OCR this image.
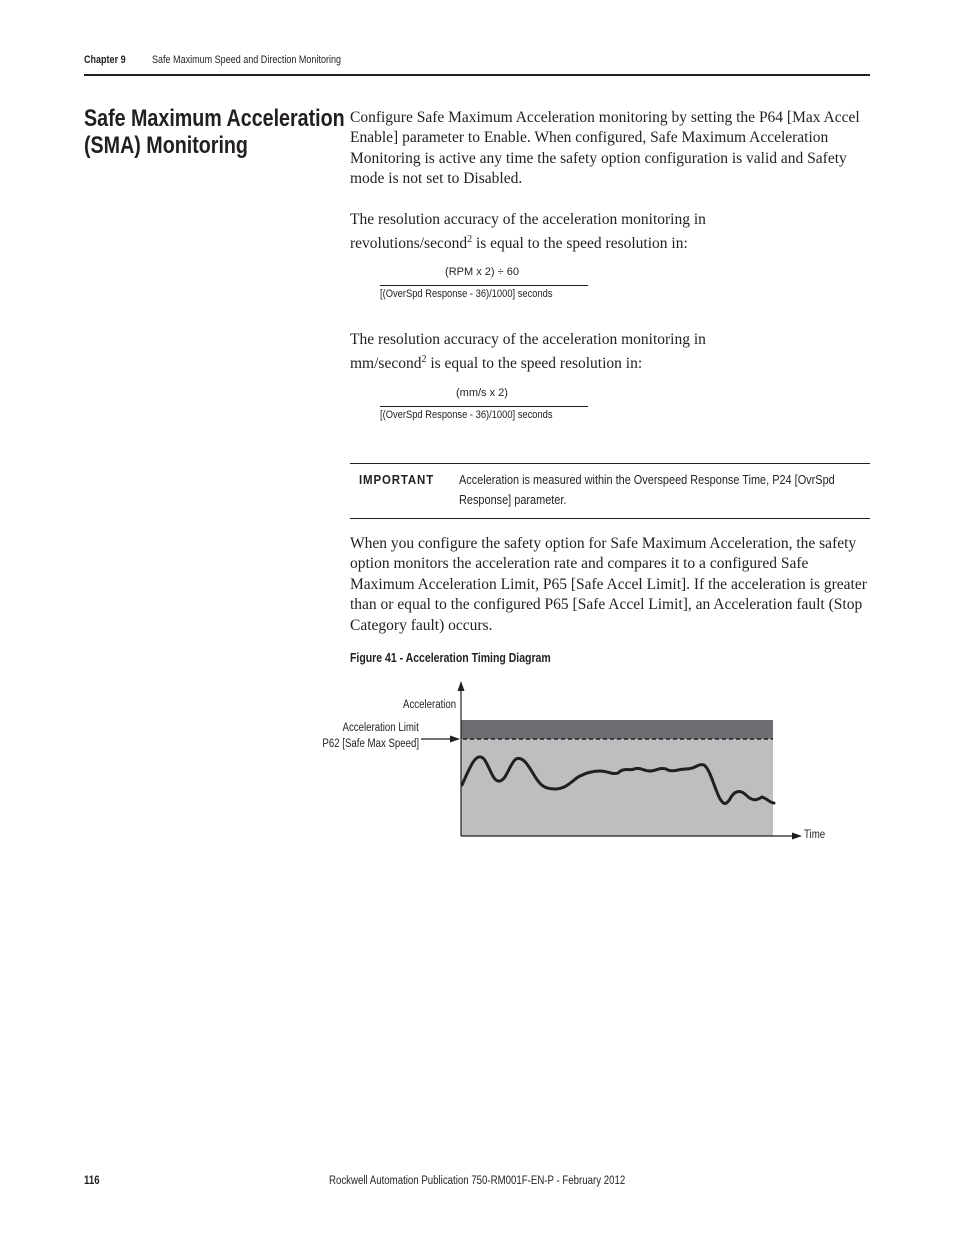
Chapter 9 Safe Maximum Speed and Direction Monitoring
Safe Maximum Acceleration
(SMA) Monitoring
Configure Safe Maximum Acceleration monitoring by setting the P64 [Max Accel Enable] parameter to Enable. When configured, Safe Maximum Acceleration Monitoring is active any time the safety option configuration is valid and Safety mode is not set to Disabled.
The resolution accuracy of the acceleration monitoring in revolutions/second$^2$ is equal to the speed resolution in:
(RPM x 2) ÷ 60
[(OverSpd Response - 36)/1000] seconds
The resolution accuracy of the acceleration monitoring in mm/second$^2$ is equal to the speed resolution in:
(mm/s x 2)
[(OverSpd Response - 36)/1000] seconds
IMPORTANT Acceleration is measured within the Overspeed Response Time, P24 [OvrSpd Response] parameter.
When you configure the safety option for Safe Maximum Acceleration, the safety option monitors the acceleration rate and compares it to a configured Safe Maximum Acceleration Limit, P65 [Safe Accel Limit]. If the acceleration is greater than or equal to the configured P65 [Safe Accel Limit], an Acceleration fault (Stop Category fault) occurs.
Figure 41 - Acceleration Timing Diagram
Acceleration
Acceleration Limit
P62 [Safe Max Speed]
Time
116	Rockwell Automation Publication 750-RM001F-EN-P - February 2012
